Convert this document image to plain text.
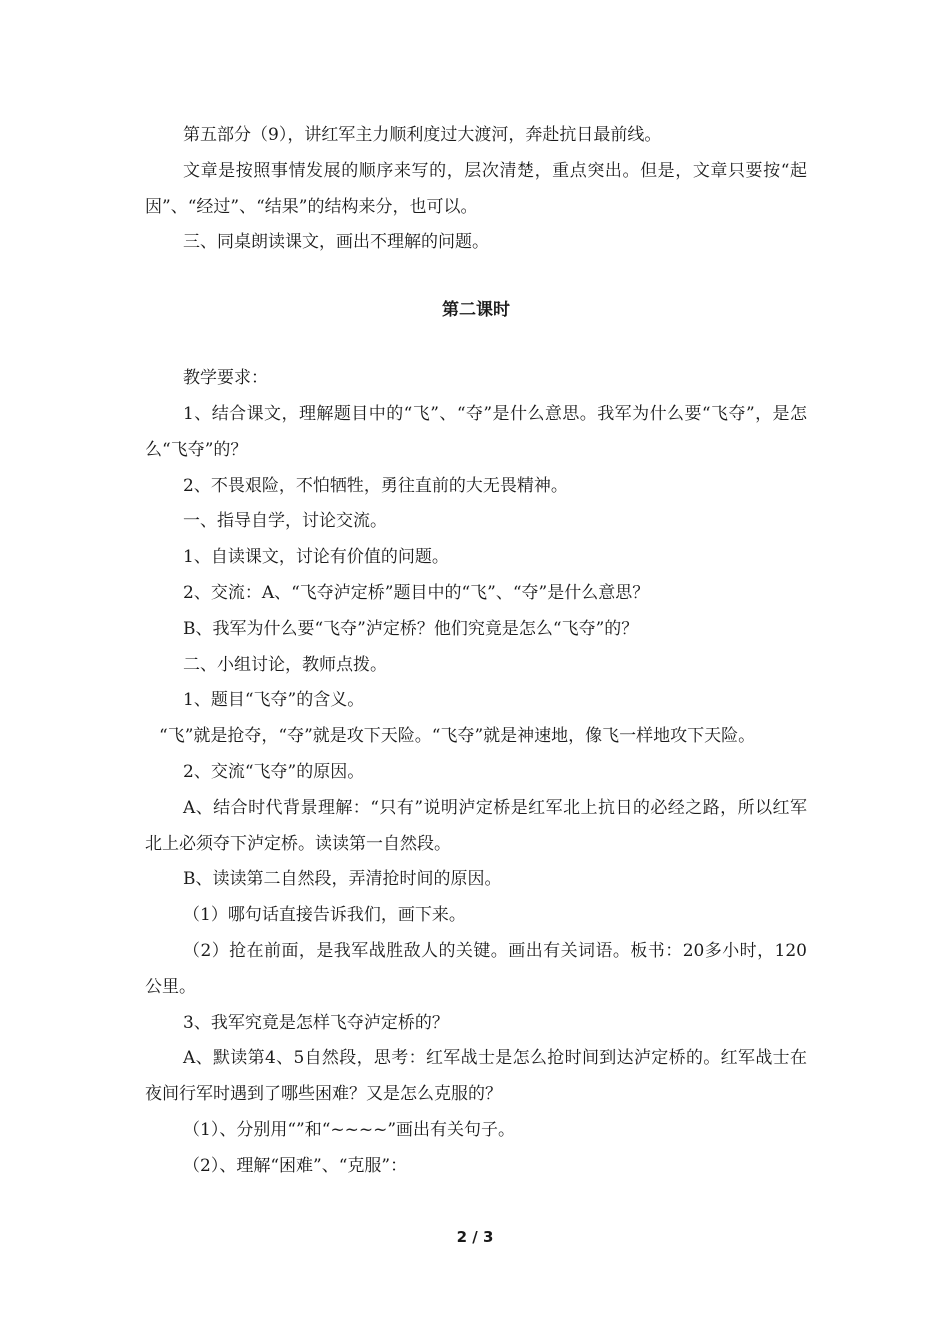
第五部分（9），讲红军主力顺利度过大渡河，奔赴抗日最前线。

文章是按照事情发展的顺序来写的，层次清楚，重点突出。但是，文章只要按“起因”、“经过”、“结果”的结构来分，也可以。

三、同桌朗读课文，画出不理解的问题。

第二课时

教学要求：

1、结合课文，理解题目中的“飞”、“夺”是什么意思。我军为什么要“飞夺”，是怎么“飞夺”的？

2、不畏艰险，不怕牺牲，勇往直前的大无畏精神。

一、指导自学，讨论交流。

1、自读课文，讨论有价值的问题。

2、交流：A、“飞夺泸定桥”题目中的“飞”、“夺”是什么意思？

B、我军为什么要“飞夺”泸定桥？他们究竟是怎么“飞夺”的？

二、小组讨论，教师点拨。

1、题目“飞夺”的含义。

“飞”就是抢夺，“夺”就是攻下天险。“飞夺”就是神速地，像飞一样地攻下天险。

2、交流“飞夺”的原因。

A、结合时代背景理解：“只有”说明泸定桥是红军北上抗日的必经之路，所以红军北上必须夺下泸定桥。读读第一自然段。

B、读读第二自然段，弄清抢时间的原因。

（1）哪句话直接告诉我们，画下来。

（2）抢在前面，是我军战胜敌人的关键。画出有关词语。板书：20多小时，120公里。

3、我军究竟是怎样飞夺泸定桥的？

A、默读第4、5自然段，思考：红军战士是怎么抢时间到达泸定桥的。红军战士在夜间行军时遇到了哪些困难？又是怎么克服的？

（1）、分别用“”和“~~~~”画出有关句子。

（2）、理解“困难”、“克服”：

2 / 3
